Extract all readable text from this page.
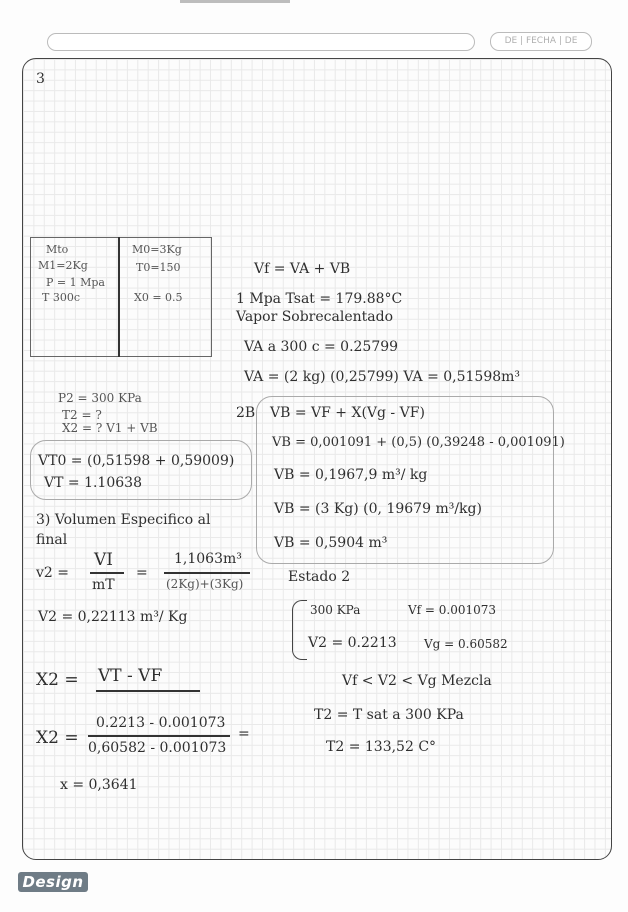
DE | FECHA | DE
3
Mto
M1=2Kg
P = 1 Mpa
T 300c
M0=3Kg
T0=150
X0 = 0.5
P2 = 300 KPa
T2 = ?
X2 = ? V1 + VB
VT0 = (0,51598 + 0,59009)
VT = 1.10638
3) Volumen Especifico al final
v2 =
VI
mT
=
1,1063m³
(2Kg)+(3Kg)
V2 = 0,22113 m³/ Kg
X2 = VT - VF
X2 =
0.2213 - 0.001073
0,60582 - 0.001073
=
x = 0,3641
Vf = VA + VB
1 Mpa Tsat = 179.88°C
Vapor Sobrecalentado
VA a 300 c = 0.25799
VA = (2 kg) (0,25799) VA = 0,51598m³
2B VB = VF + X(Vg - VF)
VB = 0,001091 + (0,5) (0,39248 - 0,001091)
VB = 0,1967,9 m³/ kg
VB = (3 Kg) (0, 19679 m³/kg)
VB = 0,5904 m³
Estado 2
300 KPa	Vf = 0.001073
V2 = 0.2213 Vg = 0.60582
Vf < V2 < Vg Mezcla
T2 = T sat a 300 KPa
T2 = 133,52 C°
Design
